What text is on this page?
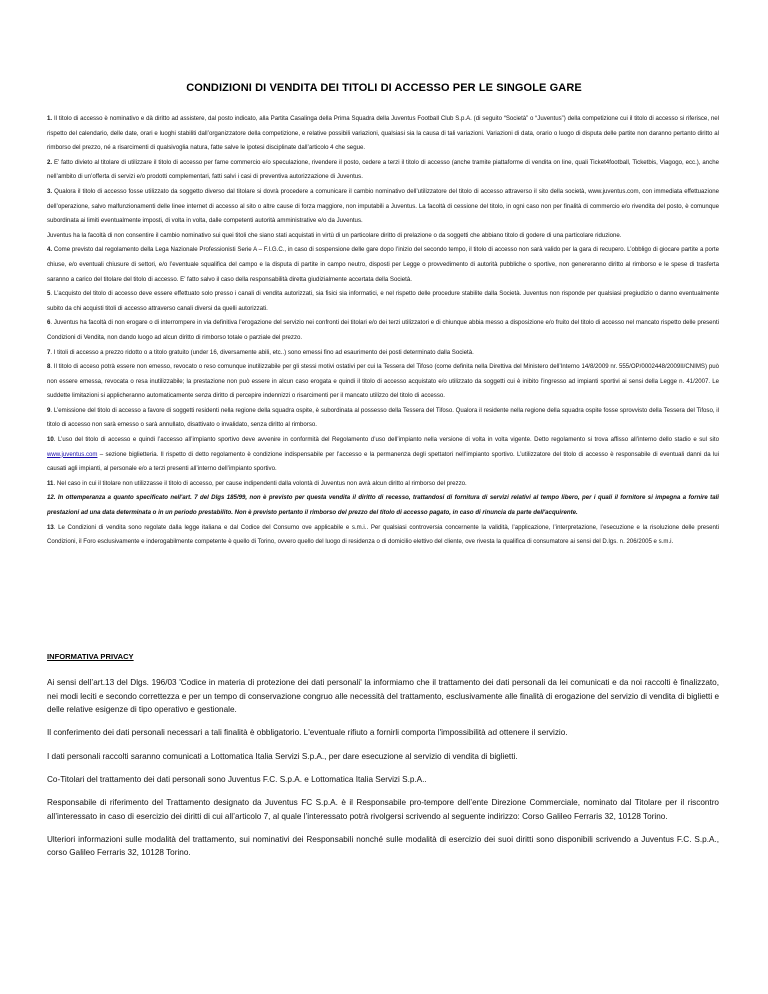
CONDIZIONI DI VENDITA DEI TITOLI DI ACCESSO PER LE SINGOLE GARE

1. Il titolo di accesso è nominativo e dà diritto ad assistere, dal posto indicato, alla Partita Casalinga della Prima Squadra della Juventus Football Club S.p.A. (di seguito “Società” o “Juventus”) della competizione cui il titolo di accesso si riferisce, nel rispetto del calendario, delle date, orari e luoghi stabiliti dall’organizzatore della competizione, e relative possibili variazioni, qualsiasi sia la causa di tali variazioni. Variazioni di data, orario o luogo di disputa delle partite non daranno pertanto diritto al rimborso del prezzo, né a risarcimenti di qualsivoglia natura, fatte salve le ipotesi disciplinate dall’articolo 4 che segue.

2. E’ fatto divieto al titolare di utilizzare il titolo di accesso per farne commercio e/o speculazione, rivendere il posto, cedere a terzi il titolo di accesso (anche tramite piattaforme di vendita on line, quali Ticket4football, Ticketbis, Viagogo, ecc.), anche nell’ambito di un’offerta di servizi e/o prodotti complementari, fatti salvi i casi di preventiva autorizzazione di Juventus.

3. Qualora il titolo di accesso fosse utilizzato da soggetto diverso dal titolare si dovrà procedere a comunicare il cambio nominativo dell’utilizzatore del titolo di accesso attraverso il sito della società, www.juventus.com, con immediata effettuazione dell’operazione, salvo malfunzionamenti delle linee internet di accesso al sito o altre cause di forza maggiore, non imputabili a Juventus. La facoltà di cessione del titolo, in ogni caso non per finalità di commercio e/o rivendita del posto, è comunque subordinata ai limiti eventualmente imposti, di volta in volta, dalle competenti autorità amministrative e/o da Juventus.

Juventus ha la facoltà di non consentire il cambio nominativo sui quei titoli che siano stati acquistati in virtù di un particolare diritto di prelazione o da soggetti che abbiano titolo di godere di una particolare riduzione.

4. Come previsto dal regolamento della Lega Nazionale Professionisti Serie A – F.I.G.C., in caso di sospensione delle gare dopo l’inizio del secondo tempo, il titolo di accesso non sarà valido per la gara di recupero. L’obbligo di giocare partite a porte chiuse, e/o eventuali chiusure di settori, e/o l’eventuale squalifica del campo e la disputa di partite in campo neutro, disposti per Legge o provvedimento di autorità pubbliche o sportive, non genereranno diritto al rimborso e le spese di trasferta saranno a carico del titolare del titolo di accesso. E’ fatto salvo il caso della responsabilità diretta giudizialmente accertata della Società.

5. L’acquisto del titolo di accesso deve essere effettuato solo presso i canali di vendita autorizzati, sia fisici sia informatici, e nel rispetto delle procedure stabilite dalla Società. Juventus non risponde per qualsiasi pregiudizio o danno eventualmente subito da chi acquisti titoli di accesso attraverso canali diversi da quelli autorizzati.

6. Juventus ha facoltà di non erogare o di interrompere in via definitiva l’erogazione del servizio nei confronti dei titolari e/o dei terzi utilizzatori e di chiunque abbia messo a disposizione e/o fruito del titolo di accesso nel mancato rispetto delle presenti Condizioni di Vendita, non dando luogo ad alcun diritto di rimborso totale o parziale del prezzo.

7. I titoli di accesso a prezzo ridotto o a titolo gratuito (under 16, diversamente abili, etc..) sono emessi fino ad esaurimento dei posti determinato dalla Società.

8. Il titolo di acceso potrà essere non emesso, revocato o reso comunque inutilizzabile per gli stessi motivi ostativi per cui la Tessera del Tifoso (come definita nella Direttiva del Ministero dell’Interno 14/8/2009 nr. 555/OP/0002448/2009II/CNIMS) può non essere emessa, revocata o resa inutilizzabile; la prestazione non può essere in alcun caso erogata e quindi il titolo di accesso acquistato e/o utilizzato da soggetti cui è inibito l’ingresso ad impianti sportivi ai sensi della Legge n. 41/2007. Le suddette limitazioni si applicheranno automaticamente senza diritto di percepire indennizzi o risarcimenti per il mancato utilizzo del titolo di accesso.

9. L’emissione del titolo di accesso a favore di soggetti residenti nella regione della squadra ospite, è subordinata al possesso della Tessera del Tifoso. Qualora il residente nella regione della squadra ospite fosse sprovvisto della Tessera del Tifoso, il titolo di accesso non sarà emesso o sarà annullato, disattivato o invalidato, senza diritto al rimborso.

10. L’uso del titolo di accesso e quindi l’accesso all’impianto sportivo deve avvenire in conformità del Regolamento d’uso dell’impianto nella versione di volta in volta vigente. Detto regolamento si trova affisso all’interno dello stadio e sul sito www.juventus.com – sezione biglietteria. Il rispetto di detto regolamento è condizione indispensabile per l’accesso e la permanenza degli spettatori nell’impianto sportivo. L’utilizzatore del titolo di accesso è responsabile di eventuali danni da lui causati agli impianti, al personale e/o a terzi presenti all’interno dell’impianto sportivo.

11. Nel caso in cui il titolare non utilizzasse il titolo di accesso, per cause indipendenti dalla volontà di Juventus non avrà alcun diritto al rimborso del prezzo.

12. In ottemperanza a quanto specificato nell'art. 7 del Dlgs 185/99, non è previsto per questa vendita il diritto di recesso, trattandosi di fornitura di servizi relativi al tempo libero, per i quali il fornitore si impegna a fornire tali prestazioni ad una data determinata o in un periodo prestabilito. Non è previsto pertanto il rimborso del prezzo del titolo di accesso pagato, in caso di rinuncia da parte dell'acquirente.

13. Le Condizioni di vendita sono regolate dalla legge italiana e dal Codice del Consumo ove applicabile e s.m.i.. Per qualsiasi controversia concernente la validità, l’applicazione, l’interpretazione, l’esecuzione e la risoluzione delle presenti Condizioni, il Foro esclusivamente e inderogabilmente competente è quello di Torino, ovvero quello del luogo di residenza o di domicilio elettivo del cliente, ove rivesta la qualifica di consumatore ai sensi del D.lgs. n. 206/2005 e s.m.i.

INFORMATIVA PRIVACY

Ai sensi dell’art.13 del Dlgs. 196/03 'Codice in materia di protezione dei dati personali' la informiamo che il trattamento dei dati personali da lei comunicati e da noi raccolti è finalizzato, nei modi leciti e secondo correttezza e per un tempo di conservazione congruo alle necessità del trattamento, esclusivamente alle finalità di erogazione del servizio di vendita di biglietti e delle relative esigenze di tipo operativo e gestionale.

Il conferimento dei dati personali necessari a tali finalità è obbligatorio. L'eventuale rifiuto a fornirli comporta l'impossibilità ad ottenere il servizio.

I dati personali raccolti saranno comunicati a Lottomatica Italia Servizi S.p.A., per dare esecuzione al servizio di vendita di biglietti.

Co-Titolari del trattamento dei dati personali sono Juventus F.C. S.p.A. e Lottomatica Italia Servizi S.p.A..

Responsabile di riferimento del Trattamento designato da Juventus FC S.p.A. è il Responsabile pro-tempore dell’ente Direzione Commerciale, nominato dal Titolare per il riscontro all’interessato in caso di esercizio dei diritti di cui all’articolo 7, al quale l’interessato potrà rivolgersi scrivendo al seguente indirizzo: Corso Galileo Ferraris 32, 10128 Torino.

Ulteriori informazioni sulle modalità del trattamento, sui nominativi dei Responsabili nonché sulle modalità di esercizio dei suoi diritti sono disponibili scrivendo a Juventus F.C. S.p.A., corso Galileo Ferraris 32, 10128 Torino.
